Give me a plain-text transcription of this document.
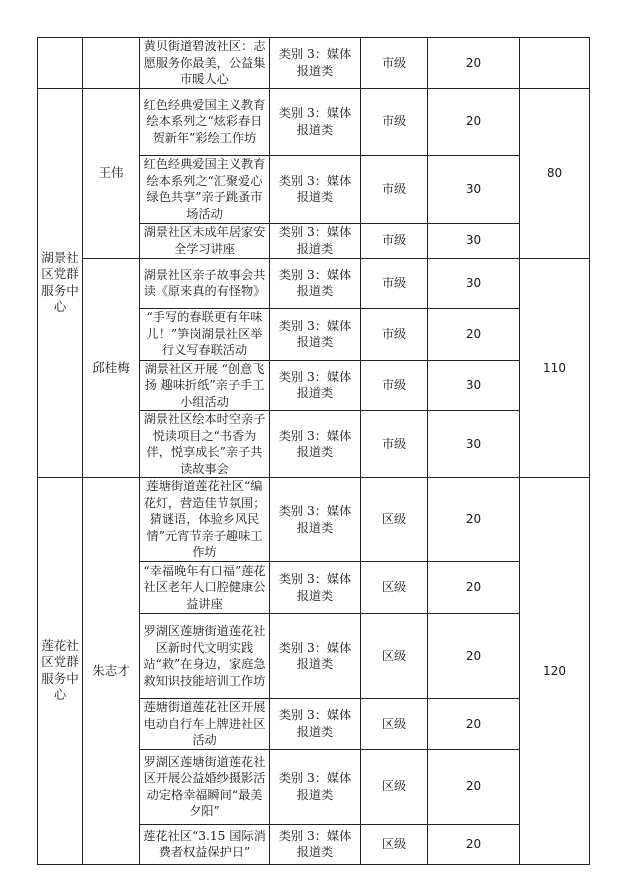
		黄贝街道碧波社区：志愿服务你最美，公益集市暖人心	类别 3：媒体报道类	市级	20	
湖景社区党群服务中心	王伟	红色经典爱国主义教育绘本系列之“炫彩春日贺新年”彩绘工作坊	类别 3：媒体报道类	市级	20	80
		红色经典爱国主义教育绘本系列之“汇聚爱心 绿色共享”亲子跳蚤市场活动	类别 3：媒体报道类	市级	30	
		湖景社区未成年居家安全学习讲座	类别 3：媒体报道类	市级	30	
	邱桂梅	湖景社区亲子故事会共读《原来真的有怪物》	类别 3：媒体报道类	市级	30	110
		“手写的春联更有年味儿！”笋岗湖景社区举行义写春联活动	类别 3：媒体报道类	市级	20	
		湖景社区开展 “创意飞扬 趣味折纸”亲子手工小组活动	类别 3：媒体报道类	市级	30	
		湖景社区绘本时空亲子悦读项目之“书香为伴，悦享成长”亲子共读故事会	类别 3：媒体报道类	市级	30	
莲花社区党群服务中心	朱志才	莲塘街道莲花社区“编花灯，营造佳节氛围；猜谜语，体验乡风民情”元宵节亲子趣味工作坊	类别 3：媒体报道类	区级	20	120
		“幸福晚年有口福”莲花社区老年人口腔健康公益讲座	类别 3：媒体报道类	区级	20	
		罗湖区莲塘街道莲花社区新时代文明实践站“救”在身边，家庭急救知识技能培训工作坊	类别 3：媒体报道类	区级	20	
		莲塘街道莲花社区开展电动自行车上牌进社区活动	类别 3：媒体报道类	区级	20	
		罗湖区莲塘街道莲花社区开展公益婚纱摄影活动定格幸福瞬间“最美夕阳”	类别 3：媒体报道类	区级	20	
		莲花社区“3.15 国际消费者权益保护日”	类别 3：媒体报道类	区级	20	
